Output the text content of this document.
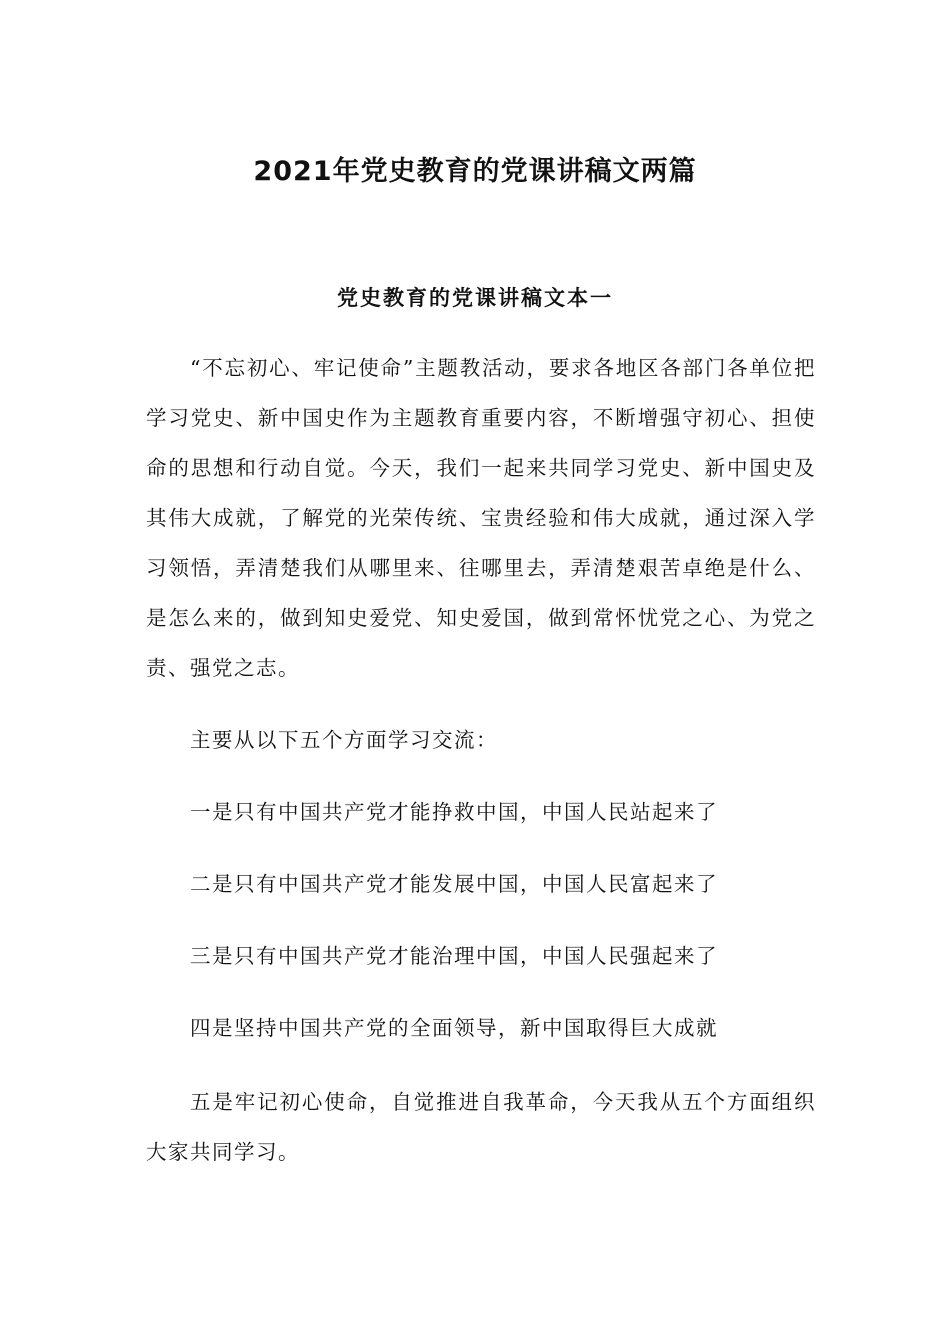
2021年党史教育的党课讲稿文两篇
党史教育的党课讲稿文本一

“不忘初心、牢记使命”主题教活动，要求各地区各部门各单位把学习党史、新中国史作为主题教育重要内容，不断增强守初心、担使命的思想和行动自觉。今天，我们一起来共同学习党史、新中国史及其伟大成就，了解党的光荣传统、宝贵经验和伟大成就，通过深入学习领悟，弄清楚我们从哪里来、往哪里去，弄清楚艰苦卓绝是什么、是怎么来的，做到知史爱党、知史爱国，做到常怀忧党之心、为党之责、强党之志。

主要从以下五个方面学习交流：

一是只有中国共产党才能挣救中国，中国人民站起来了

二是只有中国共产党才能发展中国，中国人民富起来了

三是只有中国共产党才能治理中国，中国人民强起来了

四是坚持中国共产党的全面领导，新中国取得巨大成就

五是牢记初心使命，自觉推进自我革命，今天我从五个方面组织大家共同学习。
